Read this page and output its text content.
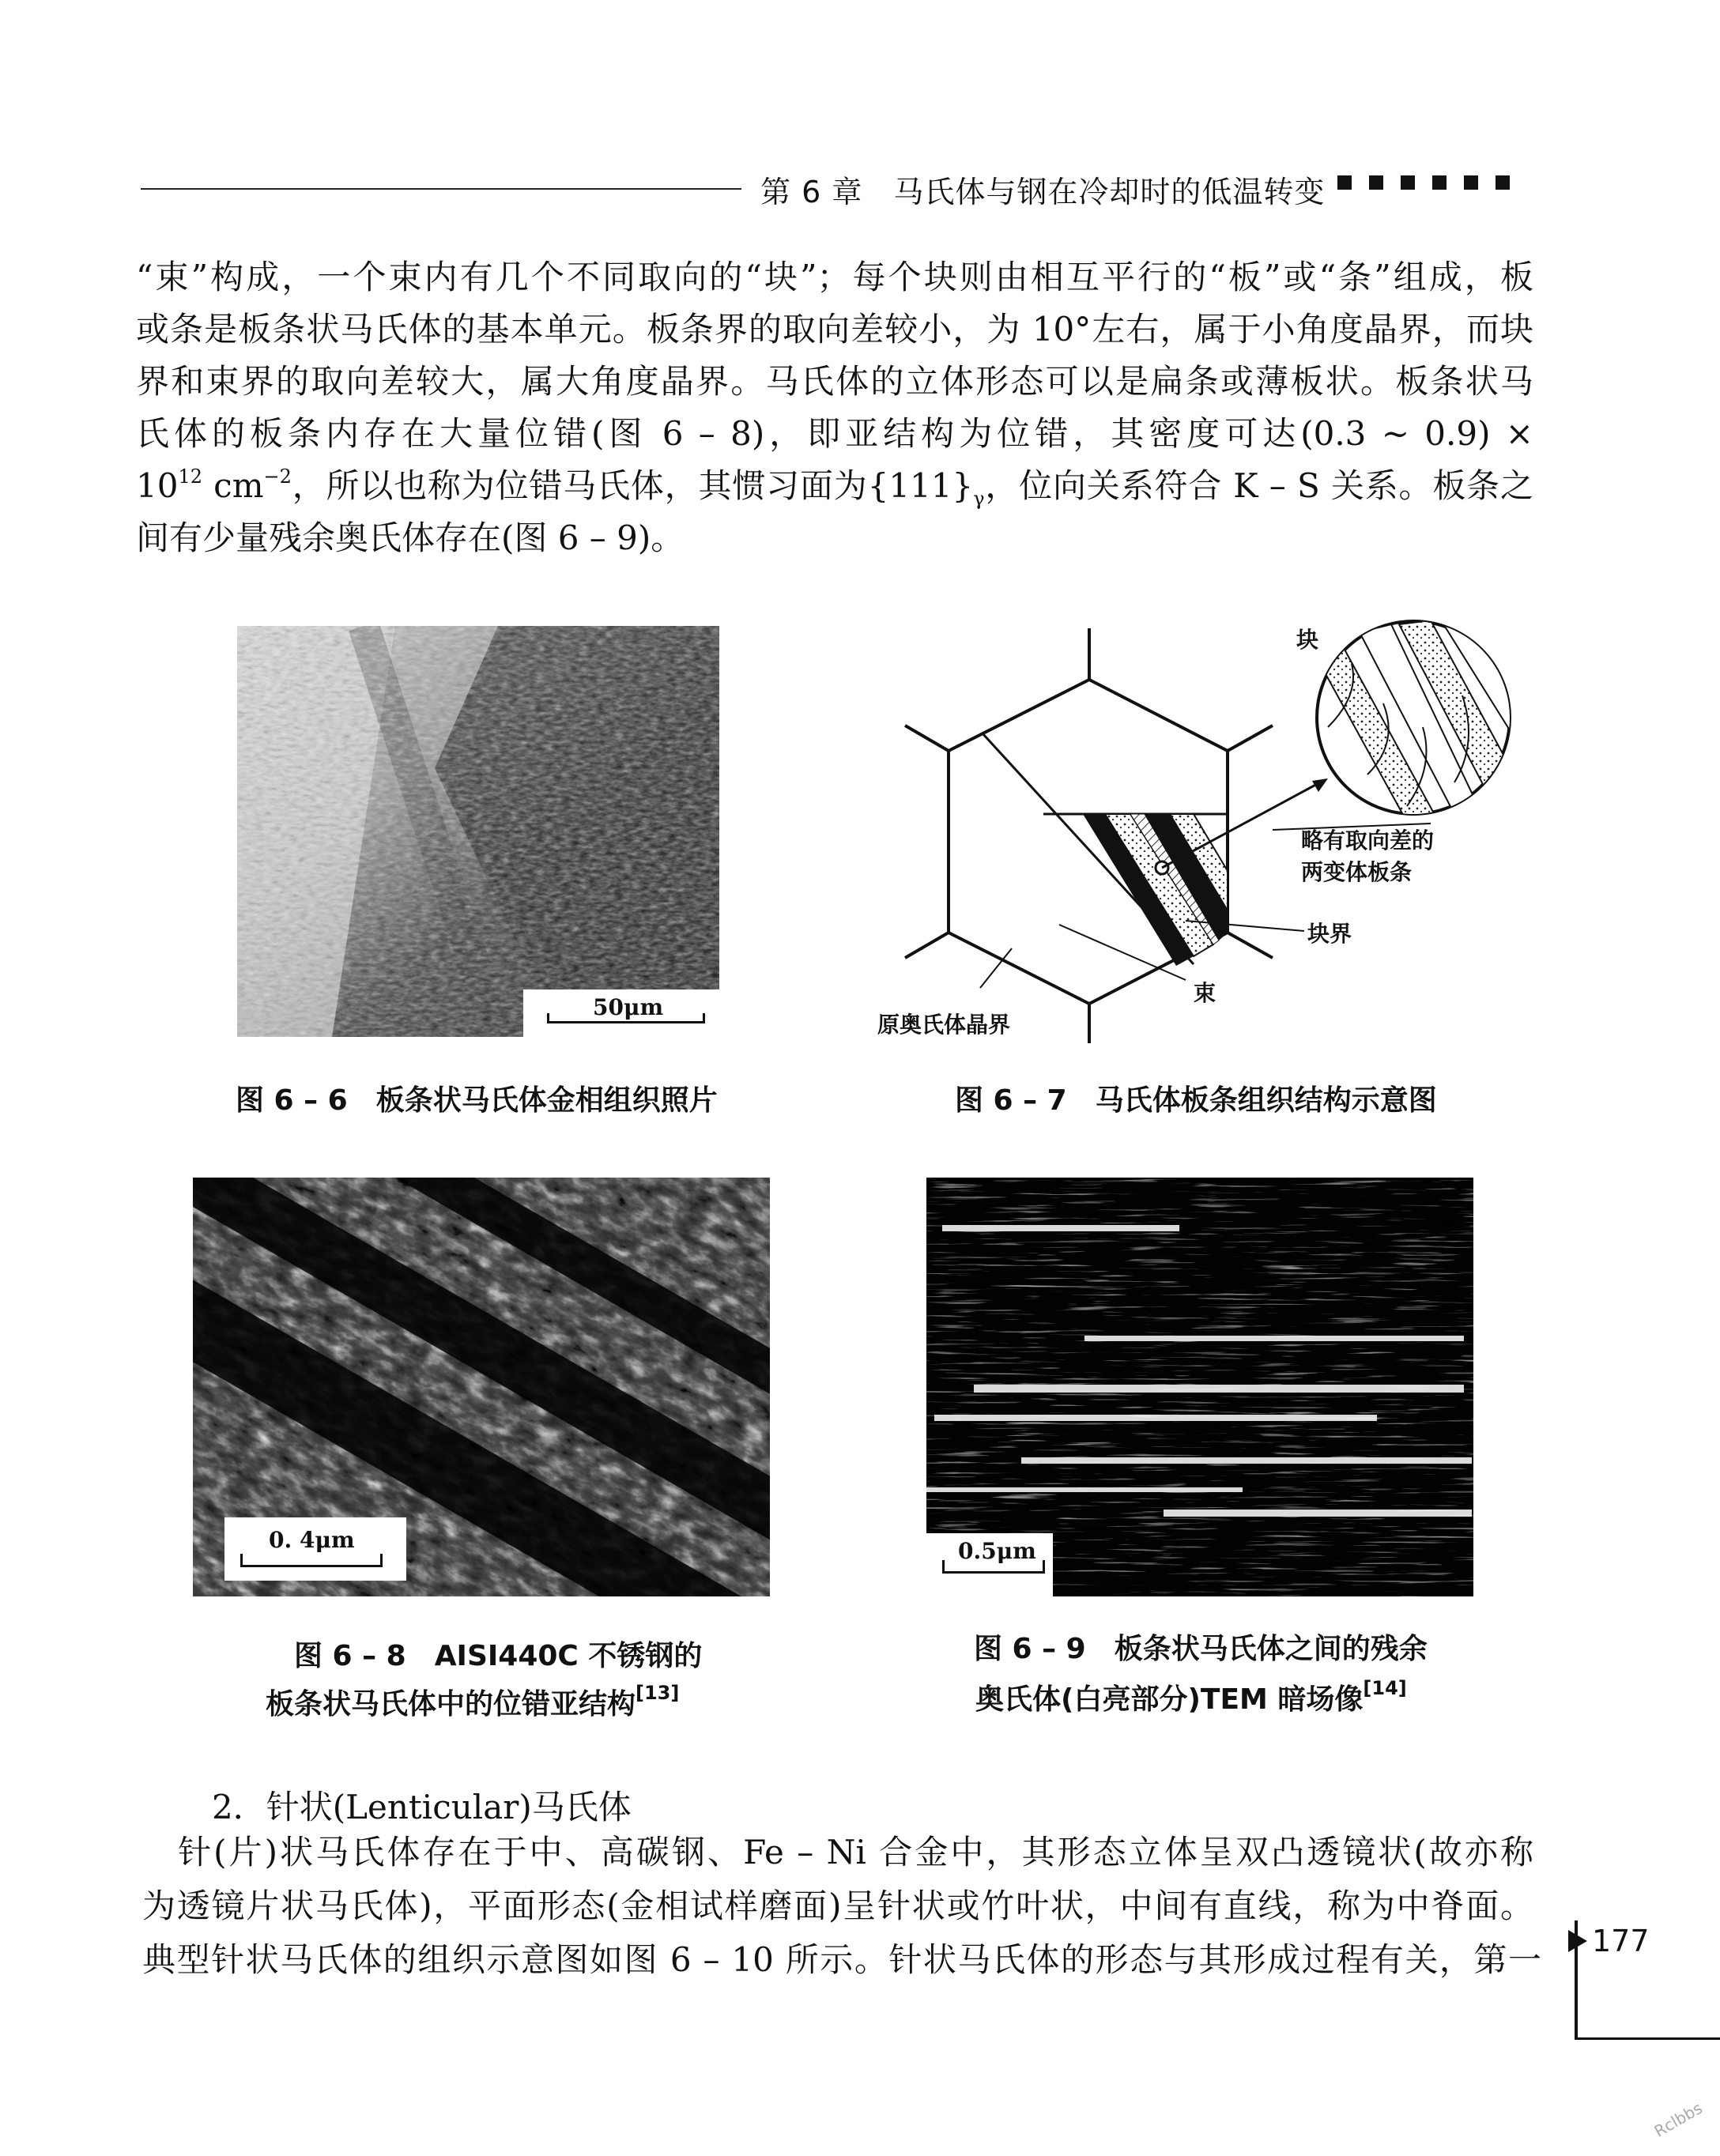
第 6 章　马氏体与钢在冷却时的低温转变
“束”构成，一个束内有几个不同取向的“块”；每个块则由相互平行的“板”或“条”组成，板
或条是板条状马氏体的基本单元。板条界的取向差较小，为 10°左右，属于小角度晶界，而块
界和束界的取向差较大，属大角度晶界。马氏体的立体形态可以是扁条或薄板状。板条状马
氏体的板条内存在大量位错(图 6 – 8)，即亚结构为位错，其密度可达(0.3 ~ 0.9) ×
$10^{12}$ $cm^{-2}$，所以也称为位错马氏体，其惯习面为$\{111\}_\gamma$，位向关系符合 K – S 关系。板条之
间有少量残余奥氏体存在(图 6 – 9)。
50μm
图 6 – 6　板条状马氏体金相组织照片
块
略有取向差的
两变体板条
块界
束
原奥氏体晶界
图 6 – 7　马氏体板条组织结构示意图
0. 4μm
图 6 – 8　AISI440C 不锈钢的
板条状马氏体中的位错亚结构[13]
0.5μm
图 6 – 9　板条状马氏体之间的残余
奥氏体(白亮部分)TEM 暗场像[14]
2．针状(Lenticular)马氏体
　针(片)状马氏体存在于中、高碳钢、Fe – Ni 合金中，其形态立体呈双凸透镜状(故亦称
为透镜片状马氏体)，平面形态(金相试样磨面)呈针状或竹叶状，中间有直线，称为中脊面。
典型针状马氏体的组织示意图如图 6 – 10 所示。针状马氏体的形态与其形成过程有关，第一 177
Rclbbs
